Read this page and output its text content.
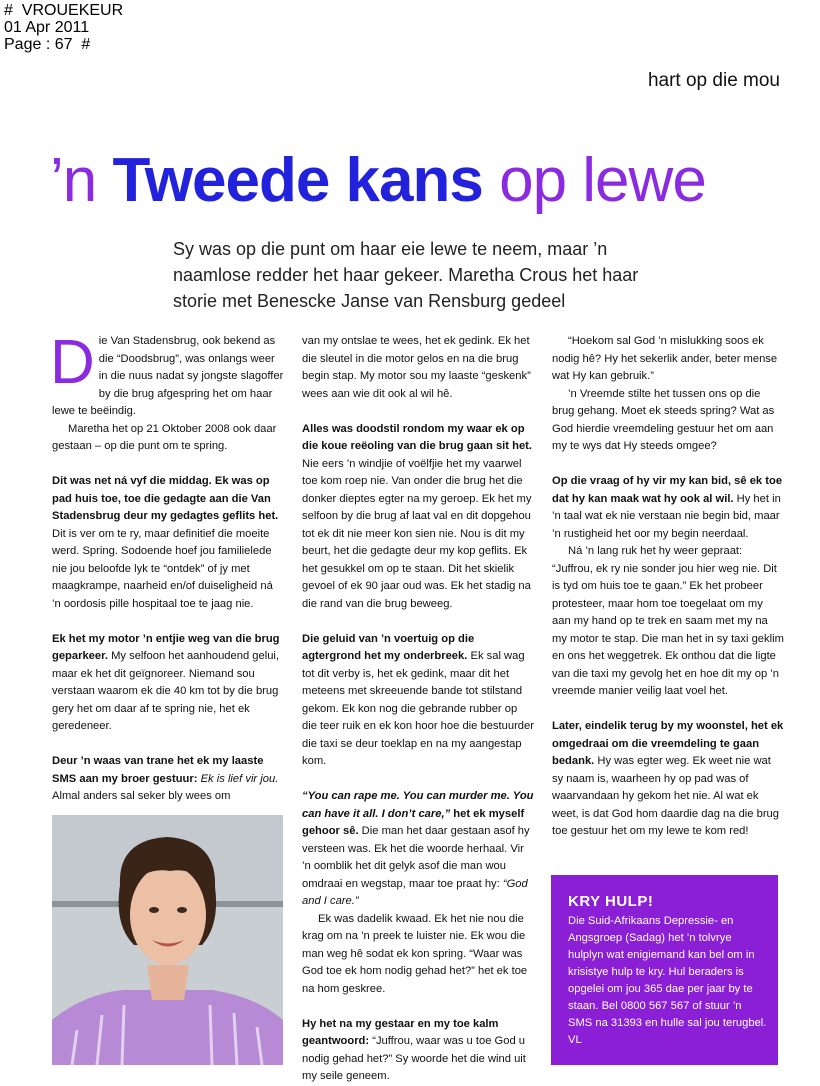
#  VROUEKEUR
01 Apr 2011
Page : 67  #
hart op die mou
’n Tweede kans op lewe

Sy was op die punt om haar eie lewe te neem, maar ’n

naamlose redder het haar gekeer. Maretha Crous het haar

storie met Benescke Janse van Rensburg gedeel

Die Van Stadensbrug, ook bekend as die “Doodsbrug”, was onlangs weer in die nuus nadat sy jongste slagoffer by die brug afgespring het om haar lewe te beëindig.

Maretha het op 21 Oktober 2008 ook daar gestaan – op die punt om te spring.

Dit was net ná vyf die middag. Ek was op pad huis toe, toe die gedagte aan die Van Stadensbrug deur my gedagtes geflits het. Dit is ver om te ry, maar definitief die moeite werd. Spring. Sodoende hoef jou familielede nie jou beloofde lyk te “ontdek” of jy met maagkrampe, naarheid en/of duiseligheid ná ’n oordosis pille hospitaal toe te jaag nie.

Ek het my motor ’n entjie weg van die brug geparkeer. My selfoon het aanhoudend gelui, maar ek het dit geïgnoreer. Niemand sou verstaan waarom ek die 40 km tot by die brug gery het om daar af te spring nie, het ek geredeneer.

Deur ’n waas van trane het ek my laaste SMS aan my broer gestuur: Ek is lief vir jou. Almal anders sal seker bly wees om

van my ontslae te wees, het ek gedink. Ek het die sleutel in die motor gelos en na die brug begin stap. My motor sou my laaste “geskenk” wees aan wie dit ook al wil hê.

Alles was doodstil rondom my waar ek op die koue reëoling van die brug gaan sit het. Nie eers ’n windjie of voëlfjie het my vaarwel toe kom roep nie. Van onder die brug het die donker dieptes egter na my geroep. Ek het my selfoon by die brug af laat val en dit dopgehou tot ek dit nie meer kon sien nie. Nou is dit my beurt, het die gedagte deur my kop geflits. Ek het gesukkel om op te staan. Dit het skielik gevoel of ek 90 jaar oud was. Ek het stadig na die rand van die brug beweeg.

Die geluid van ’n voertuig op die agtergrond het my onderbreek. Ek sal wag tot dit verby is, het ek gedink, maar dit het meteens met skreeuende bande tot stilstand gekom. Ek kon nog die gebrande rubber op die teer ruik en ek kon hoor hoe die bestuurder die taxi se deur toeklap en na my aangestap kom.

“You can rape me. You can murder me. You can have it all. I don’t care,” het ek myself gehoor sê. Die man het daar gestaan asof hy versteen was. Ek het die woorde herhaal. Vir ’n oomblik het dit gelyk asof die man wou omdraai en wegstap, maar toe praat hy: “God and I care.”

Ek was dadelik kwaad. Ek het nie nou die krag om na ’n preek te luister nie. Ek wou die man weg hê sodat ek kon spring. “Waar was God toe ek hom nodig gehad het?” het ek toe na hom geskree.

Hy het na my gestaar en my toe kalm geantwoord: “Juffrou, waar was u toe God u nodig gehad het?” Sy woorde het die wind uit my seile geneem.

“Hoekom sal God ’n mislukking soos ek nodig hê? Hy het sekerlik ander, beter mense wat Hy kan gebruik.”

’n Vreemde stilte het tussen ons op die brug gehang. Moet ek steeds spring? Wat as God hierdie vreemdeling gestuur het om aan my te wys dat Hy steeds omgee?

Op die vraag of hy vir my kan bid, sê ek toe dat hy kan maak wat hy ook al wil. Hy het in ’n taal wat ek nie verstaan nie begin bid, maar ’n rustigheid het oor my begin neerdaal.

Ná ’n lang ruk het hy weer gepraat: “Juffrou, ek ry nie sonder jou hier weg nie. Dit is tyd om huis toe te gaan.” Ek het probeer protesteer, maar hom toe toegelaat om my aan my hand op te trek en saam met my na my motor te stap. Die man het in sy taxi geklim en ons het weggetrek. Ek onthou dat die ligte van die taxi my gevolg het en hoe dit my op ’n vreemde manier veilig laat voel het.

Later, eindelik terug by my woonstel, het ek omgedraai om die vreemdeling te gaan bedank. Hy was egter weg. Ek weet nie wat sy naam is, waarheen hy op pad was of waarvandaan hy gekom het nie. Al wat ek weet, is dat God hom daardie dag na die brug toe gestuur het om my lewe te kom red!

KRY HULP!
Die Suid-Afrikaans Depressie- en Angsgroep (Sadag) het ’n tolvrye hulplyn wat enigiemand kan bel om in krisistye hulp te kry. Hul beraders is opgelei om jou 365 dae per jaar by te staan. Bel 0800 567 567 of stuur ’n SMS na 31393 en hulle sal jou terugbel. VL
